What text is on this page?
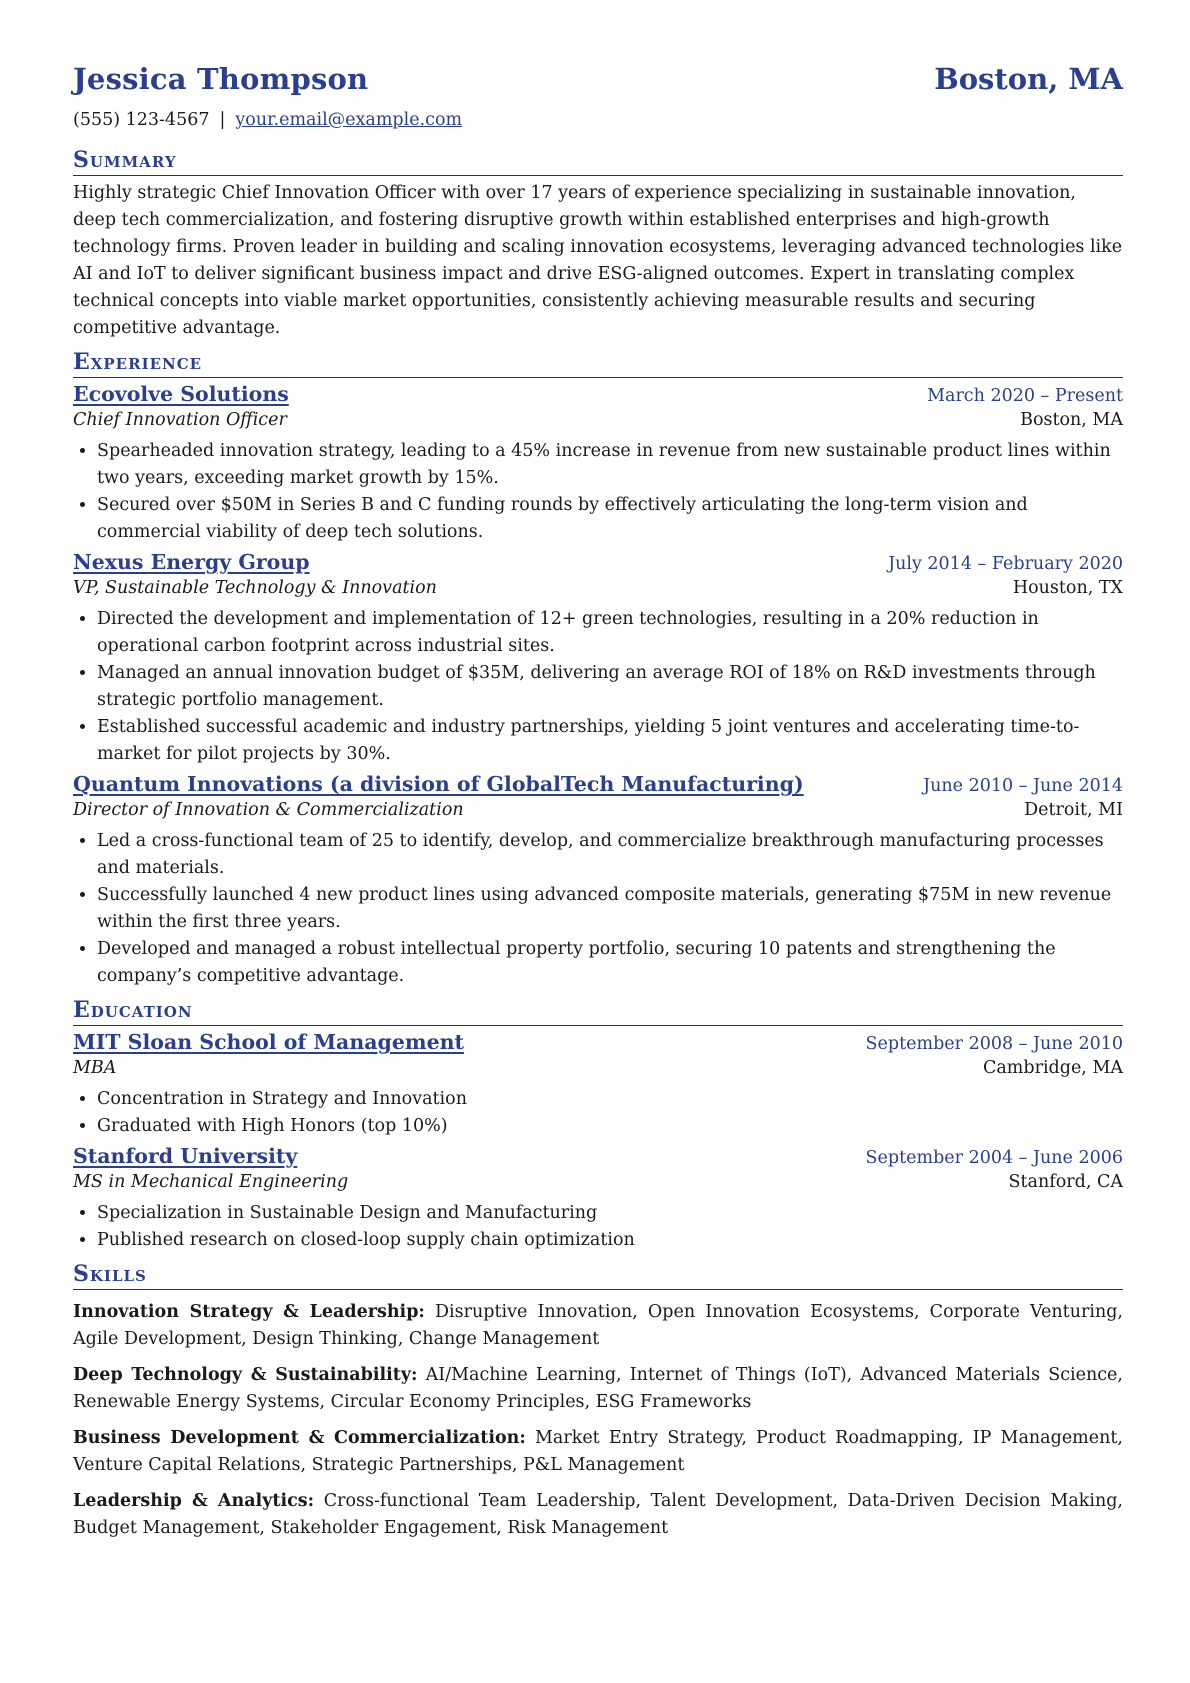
Jessica Thompson	Boston, MA
(555) 123-4567 | your.email@example.com
Summary
Highly strategic Chief Innovation Officer with over 17 years of experience specializing in sustainable innovation, deep tech commercialization, and fostering disruptive growth within established enterprises and high-growth technology firms. Proven leader in building and scaling innovation ecosystems, leveraging advanced technologies like AI and IoT to deliver significant business impact and drive ESG-aligned outcomes. Expert in translating complex technical concepts into viable market opportunities, consistently achieving measurable results and securing competitive advantage.
Experience
Ecovolve Solutions	March 2020 – Present
Chief Innovation Officer	Boston, MA
• Spearheaded innovation strategy, leading to a 45% increase in revenue from new sustainable product lines within two years, exceeding market growth by 15%.
• Secured over $50M in Series B and C funding rounds by effectively articulating the long-term vision and commercial viability of deep tech solutions.
Nexus Energy Group	July 2014 – February 2020
VP, Sustainable Technology & Innovation	Houston, TX
• Directed the development and implementation of 12+ green technologies, resulting in a 20% reduction in operational carbon footprint across industrial sites.
• Managed an annual innovation budget of $35M, delivering an average ROI of 18% on R&D investments through strategic portfolio management.
• Established successful academic and industry partnerships, yielding 5 joint ventures and accelerating time-to-market for pilot projects by 30%.
Quantum Innovations (a division of GlobalTech Manufacturing)	June 2010 – June 2014
Director of Innovation & Commercialization	Detroit, MI
• Led a cross-functional team of 25 to identify, develop, and commercialize breakthrough manufacturing processes and materials.
• Successfully launched 4 new product lines using advanced composite materials, generating $75M in new revenue within the first three years.
• Developed and managed a robust intellectual property portfolio, securing 10 patents and strengthening the company’s competitive advantage.
Education
MIT Sloan School of Management	September 2008 – June 2010
MBA	Cambridge, MA
• Concentration in Strategy and Innovation
• Graduated with High Honors (top 10%)
Stanford University	September 2004 – June 2006
MS in Mechanical Engineering	Stanford, CA
• Specialization in Sustainable Design and Manufacturing
• Published research on closed-loop supply chain optimization
Skills
Innovation Strategy & Leadership: Disruptive Innovation, Open Innovation Ecosystems, Corporate Venturing, Agile Development, Design Thinking, Change Management
Deep Technology & Sustainability: AI/Machine Learning, Internet of Things (IoT), Advanced Materials Science, Renewable Energy Systems, Circular Economy Principles, ESG Frameworks
Business Development & Commercialization: Market Entry Strategy, Product Roadmapping, IP Management, Venture Capital Relations, Strategic Partnerships, P&L Management
Leadership & Analytics: Cross-functional Team Leadership, Talent Development, Data-Driven Decision Making, Budget Management, Stakeholder Engagement, Risk Management
